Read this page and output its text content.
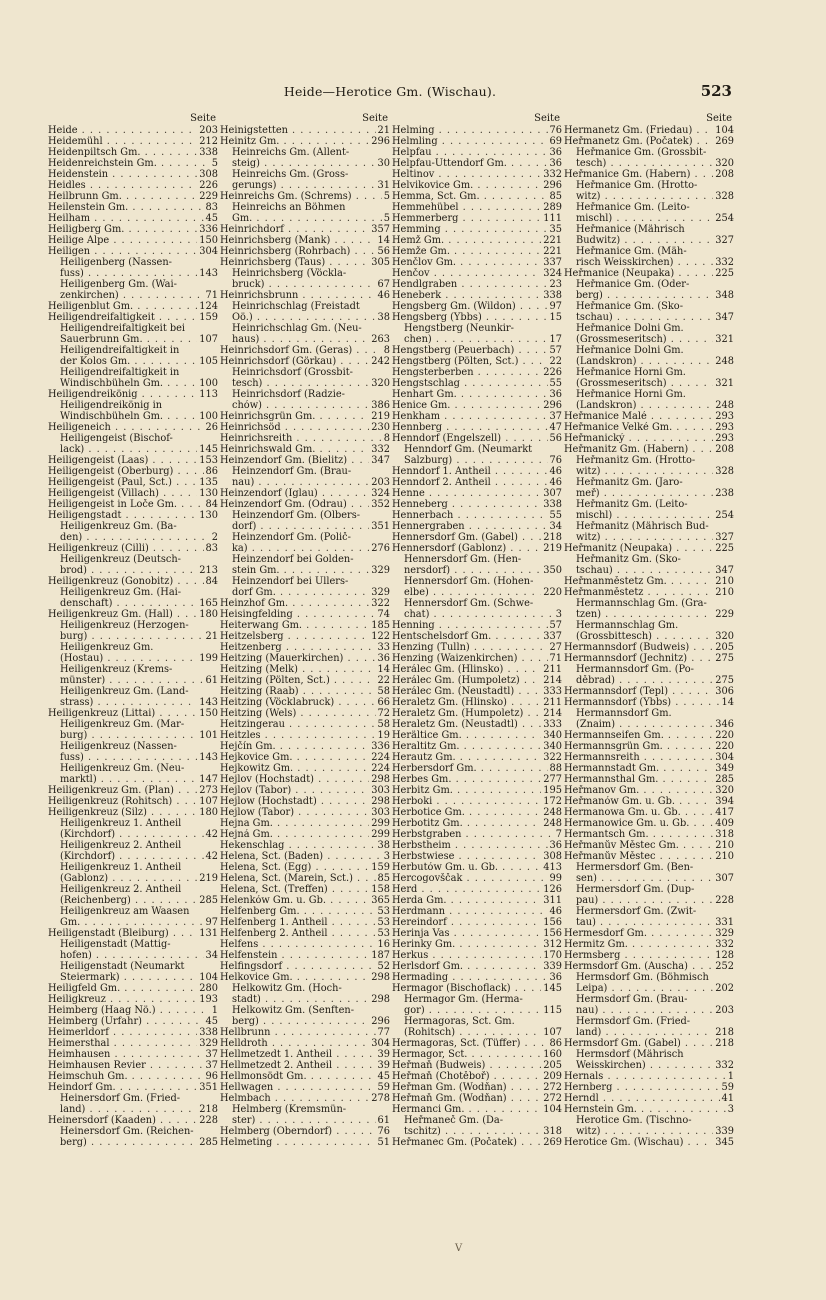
Heide—Herotice Gm. (Wischau).	523
Seite
Heide . . .	203
Heidemühl . . .	212
Heidenpiltsch Gm. . . .	338
Heidenreichstein Gm. . . .	5
Heidenstein . . .	308
Heidles . . .	226
Heilbrunn Gm. . . .	229
Heilenstein Gm. . . .	83
Heilham . . .	45
Heiligberg Gm. . . .	336
Heilige Alpe . . .	150
Heiligen . . .	304
Heiligenberg (Nassen-
fuss) . . .	143
Heiligenberg Gm. (Wai-
zenkirchen) . . .	71
Heiligenblut Gm. . . .	124
Heiligendreifaltigkeit . . .	159
Heiligendreifaltigkeit bei
Sauerbrunn Gm. . . .	107
Heiligendreifaltigkeit in
der Kolos Gm. . . .	105
Heiligendreifaltigkeit in
Windischbüheln Gm. . . .	100
Heiligendreikönig . . .	113
Heiligendreikönig in
Windischbüheln Gm. . . .	100
Heiligeneich . . .	26
Heiligengeist (Bischof-
lack) . . .	145
Heiligengeist (Laas) . . .	153
Heiligengeist (Oberburg) . . .	86
Heiligengeist (Paul, Sct.) . . .	135
Heiligengeist (Villach) . . .	130
Heiligengeist in Loče Gm. . . .	84
Heiligengstadt . . .	130
Heiligenkreuz Gm. (Ba-
den) . . .	2
Heiligenkreuz (Cilli) . . .	83
Heiligenkreuz (Deutsch-
brod) . . .	213
Heiligenkreuz (Gonobitz) . . .	84
Heiligenkreuz Gm. (Hai-
denschaft) . . .	165
Heiligenkreuz Gm. (Hall) . . .	180
Heiligenkreuz (Herzogen-
burg) . . .	21
Heiligenkreuz Gm.
(Hostau) . . .	199
Heiligenkreuz (Krems-
münster) . . .	61
Heiligenkreuz Gm. (Land-
strass) . . .	143
Heiligenkreuz (Littai) . . .	150
Heiligenkreuz Gm. (Mar-
burg) . . .	101
Heiligenkreuz (Nassen-
fuss) . . .	143
Heiligenkreuz Gm. (Neu-
marktl) . . .	147
Heiligenkreuz Gm. (Plan) . . .	273
Heiligenkreuz (Rohitsch) . . .	107
Heiligenkreuz (Silz) . . .	180
Heiligenkreuz 1. Antheil
(Kirchdorf) . . .	42
Heiligenkreuz 2. Antheil
(Kirchdorf) . . .	42
Heiligenkreuz 1. Antheil
(Gablonz) . . .	219
Heiligenkreuz 2. Antheil
(Reichenberg) . . .	285
Heiligenkreuz am Waasen
Gm. . . .	97
Heiligenstadt (Bleiburg) . . .	131
Heiligenstadt (Mattig-
hofen) . . .	34
Heiligenstadt (Neumarkt
Steiermark) . . .	104
Heiligfeld Gm. . . .	280
Heiligkreuz . . .	193
Heimberg (Haag Nö.) . . .	1
Heimberg (Urfahr) . . .	45
Heimerldorf . . .	338
Heimersthal . . .	329
Heimhausen . . .	37
Heimhausen Revier . . .	37
Heimschuh Gm. . . .	96
Heindorf Gm. . . .	351
Heinersdorf Gm. (Fried-
land) . . .	218
Heinersdorf (Kaaden) . . .	228
Heinersdorf Gm. (Reichen-
berg) . . .	285
Seite
Heinigstetten . . .	21
Heinitz Gm. . . .	296
Heinreichs Gm. (Allent-
steig) . . .	30
Heinreichs Gm. (Gross-
gerungs) . . .	31
Heinreichs Gm. (Schrems) . . .	5
Heinreichs an Böhmen
Gm. . . .	5
Heinrichdorf . . .	357
Heinrichsberg (Mank) . . .	14
Heinrichsberg (Rohrbach) . . .	56
Heinrichsberg (Taus) . . .	305
Heinrichsberg (Vöckla-
bruck) . . .	67
Heinrichsbrunn . . .	46
Heinrichschlag (Freistadt
Oö.) . . .	38
Heinrichschlag Gm. (Neu-
haus) . . .	263
Heinrichsdorf Gm. (Geras) . . .	8
Heinrichsdorf (Görkau) . . .	242
Heinrichsdorf (Grossbit-
tesch) . . .	320
Heinrichsdorf (Radzie-
chów) . . .	386
Heinrichsgrün Gm. . . .	219
Heinrichsöd . . .	230
Heinrichsreith . . .	8
Heinrichswald Gm. . . .	332
Heinzendorf Gm. (Bielitz) . . .	347
Heinzendorf Gm. (Brau-
nau) . . .	203
Heinzendorf (Iglau) . . .	324
Heinzendorf Gm. (Odrau) . . .	352
Heinzendorf Gm. (Olbers-
dorf) . . .	351
Heinzendorf Gm. (Polič-
ka) . . .	276
Heinzendorf bei Golden-
stein Gm. . . .	329
Heinzendorf bei Ullers-
dorf Gm. . . .	329
Heinzhof Gm. . . .	322
Heisingfelding . . .	74
Heiterwang Gm. . . .	185
Heitzelsberg . . .	122
Heitzenberg . . .	33
Heitzing (Mauerkirchen) . . .	36
Heitzing (Melk) . . .	14
Heitzing (Pölten, Sct.) . . .	22
Heitzing (Raab) . . .	58
Heitzing (Vöcklabruck) . . .	66
Heitzing (Wels) . . .	72
Heitzingerau . . .	58
Heitzles . . .	19
Hejčín Gm. . . .	336
Hejkovice Gm. . . .	224
Hejkowitz Gm. . . .	224
Hejlov (Hochstadt) . . .	298
Hejlov (Tabor) . . .	303
Hejlow (Hochstadt) . . .	298
Hejlow (Tabor) . . .	303
Hejna Gm. . . .	299
Hejná Gm. . . .	299
Hekenschlag . . .	38
Helena, Sct. (Baden) . . .	3
Helena, Sct. (Egg) . . .	159
Helena, Sct. (Marein, Sct.) . . .	85
Helena, Sct. (Treffen) . . .	158
Helenków Gm. u. Gb. . . .	365
Helfenberg Gm. . . .	53
Helfenberg 1. Antheil . . .	53
Helfenberg 2. Antheil . . .	53
Helfens . . .	16
Helfenstein . . .	187
Helfingsdorf . . .	52
Helkovice Gm. . . .	298
Helkowitz Gm. (Hoch-
stadt) . . .	298
Helkowitz Gm. (Senften-
berg) . . .	296
Hellbrunn . . .	77
Helldroth . . .	304
Hellmetzedt 1. Antheil . . .	39
Hellmetzedt 2. Antheil . . .	39
Hellmonsödt Gm. . . .	45
Hellwagen . . .	59
Helmbach . . .	278
Helmberg (Kremsmün-
ster) . . .	61
Helmberg (Oberndorf) . . .	76
Helmeting . . .	51
Seite
Helming . . .	76
Helmling . . .	69
Helpfau . . .	36
Helpfau-Uttendorf Gm. . . .	36
Heltinov . . .	332
Helvikovice Gm. . . .	296
Hemma, Sct. Gm. . . .	85
Hemmehübel . . .	289
Hemmerberg . . .	111
Hemming . . .	35
Hemž Gm. . . .	221
Hemže Gm. . . .	221
Henčlov Gm. . . .	337
Henčov . . .	324
Hendlgraben . . .	23
Heneberk . . .	338
Hengsberg Gm. (Wildon) . . .	97
Hengsberg (Ybbs) . . .	15
Hengstberg (Neunkir-
chen) . . .	17
Hengstberg (Peuerbach) . . .	57
Hengstberg (Pölten, Sct.) . . .	22
Hengsterberben . . .	226
Hengstschlag . . .	55
Henhart Gm. . . .	36
Henice Gm. . . .	296
Henkham . . .	37
Hennberg . . .	47
Henndorf (Engelszell) . . .	56
Henndorf Gm. (Neumarkt
Salzburg) . . .	76
Henndorf 1. Antheil . . .	46
Henndorf 2. Antheil . . .	46
Henne . . .	307
Henneberg . . .	338
Hennerbach . . .	55
Hennergraben . . .	34
Hennersdorf Gm. (Gabel) . . .	218
Hennersdorf (Gablonz) . . .	219
Hennersdorf Gm. (Hen-
nersdorf) . . .	350
Hennersdorf Gm. (Hohen-
elbe) . . .	220
Hennersdorf Gm. (Schwe-
chat) . . .	3
Henning . . .	57
Hentschelsdorf Gm. . . .	337
Henzing (Tulln) . . .	27
Henzing (Waizenkirchen) . . .	71
Herálec Gm. (Hlinsko) . . .	211
Herálec Gm. (Humpoletz) . . .	214
Herálec Gm. (Neustadtl) . . .	333
Heraletz Gm. (Hlinsko) . . .	211
Heraletz Gm. (Humpoletz) . . .	214
Heraletz Gm. (Neustadtl) . . .	333
Herältice Gm. . . .	340
Heraltitz Gm. . . .	340
Herautz Gm. . . .	322
Herbersdorf Gm. . . .	88
Herbes Gm. . . .	277
Herbitz Gm. . . .	195
Herboki . . .	172
Herbotice Gm. . . .	248
Herbotitz Gm. . . .	248
Herbstgraben . . .	7
Herbstheim . . .	36
Herbstwiese . . .	308
Herbutów Gm. u. Gb. . . .	413
Hercogovščak . . .	99
Herd . . .	126
Herda Gm. . . .	311
Herdmann . . .	46
Hereindorf . . .	156
Herinja Vas . . .	156
Herinky Gm. . . .	312
Herkus . . .	170
Herlsdorf Gm. . . .	339
Hermading . . .	36
Hermagor (Bischoflack) . . .	145
Hermagor Gm. (Herma-
gor) . . .	115
Hermagoras, Sct. Gm.
(Rohitsch) . . .	107
Hermagoras, Sct. (Tüffer) . . .	86
Hermagor, Sct. . . .	160
Heřmaň (Budweis) . . .	205
Heřmaň (Chotěboř) . . .	209
Heřman Gm. (Wodňan) . . .	272
Heřmaň Gm. (Wodňan) . . .	272
Hermanci Gm. . . .	104
Heřmaneč Gm. (Da-
tschitz) . . .	318
Heřmanec Gm. (Počatek) . . .	269
Seite
Hermanetz Gm. (Friedau) . . .	104
Heřmanetz Gm. (Počatek) . . .	269
Heřmanice Gm. (Grossbit-
tesch) . . .	320
Heřmanice Gm. (Habern) . . .	208
Heřmanice Gm. (Hrotto-
witz) . . .	328
Heřmanice Gm. (Leito-
mischl) . . .	254
Heřmanice (Mährisch
Budwitz) . . .	327
Heřmanice Gm. (Mäh-
risch Weisskirchen) . . .	332
Heřmanice (Neupaka) . . .	225
Heřmanice Gm. (Oder-
berg) . . .	348
Heřmanice Gm. (Sko-
tschau) . . .	347
Heřmanice Dolni Gm.
(Grossmeseritsch) . . .	321
Heřmanice Dolni Gm.
(Landskron) . . .	248
Heřmanice Horni Gm.
(Grossmeseritsch) . . .	321
Heřmanice Horni Gm.
(Landskron) . . .	248
Heřmanice Malé . . .	293
Heřmanice Velké Gm. . . .	293
Heřmanický . . .	293
Heřmanitz Gm. (Habern) . . .	208
Heřmanitz Gm. (Hrotto-
witz) . . .	328
Heřmanitz Gm. (Jaro-
meř) . . .	238
Heřmanitz Gm. (Leito-
mischl) . . .	254
Heřmanitz (Mährisch Bud-
witz) . . .	327
Heřmanitz (Neupaka) . . .	225
Heřmanitz Gm. (Sko-
tschau) . . .	347
Heřmanměstetz Gm. . . .	210
Heřmanměstetz . . .	210
Hermannschlag Gm. (Gra-
tzen) . . .	229
Hermannschlag Gm.
(Grossbittesch) . . .	320
Hermannsdorf (Budweis) . . .	205
Hermannsdorf (Jechnitz) . . .	275
Hermannsdorf Gm. (Po-
děbrad) . . .	275
Hermannsdorf (Tepl) . . .	306
Hermannsdorf (Ybbs) . . .	14
Hermannsdorf Gm.
(Znaim) . . .	346
Hermannseifen Gm. . . .	220
Hermannsgrün Gm. . . .	220
Hermannsreith . . .	304
Hermannstadt Gm. . . .	349
Hermannsthal Gm. . . .	285
Heřmanov Gm. . . .	320
Heřmanów Gm. u. Gb. . . .	394
Hermanowa Gm. u. Gb. . . .	417
Hermanowice Gm. u. Gb. . . .	409
Hermantsch Gm. . . .	318
Heřmanův Městec Gm. . . .	210
Heřmanův Městec . . .	210
Hermersdorf Gm. (Ben-
sen) . . .	307
Hermersdorf Gm. (Dup-
pau) . . .	228
Hermersdorf Gm. (Zwit-
tau) . . .	331
Hermesdorf Gm. . . .	329
Hermitz Gm. . . .	332
Hermsberg . . .	128
Hermsdorf Gm. (Auscha) . . .	252
Hermsdorf Gm. (Böhmisch
Leipa) . . .	202
Hermsdorf Gm. (Brau-
nau) . . .	203
Hermsdorf Gm. (Fried-
land) . . .	218
Hermsdorf Gm. (Gabel) . . .	218
Hermsdorf (Mährisch
Weisskirchen) . . .	332
Hernals . . .	1
Hernberg . . .	59
Herndl . . .	41
Hernstein Gm. . . .	3
Herotice Gm. (Tischno-
witz) . . .	339
Herotice Gm. (Wischau) . . .	345
V
